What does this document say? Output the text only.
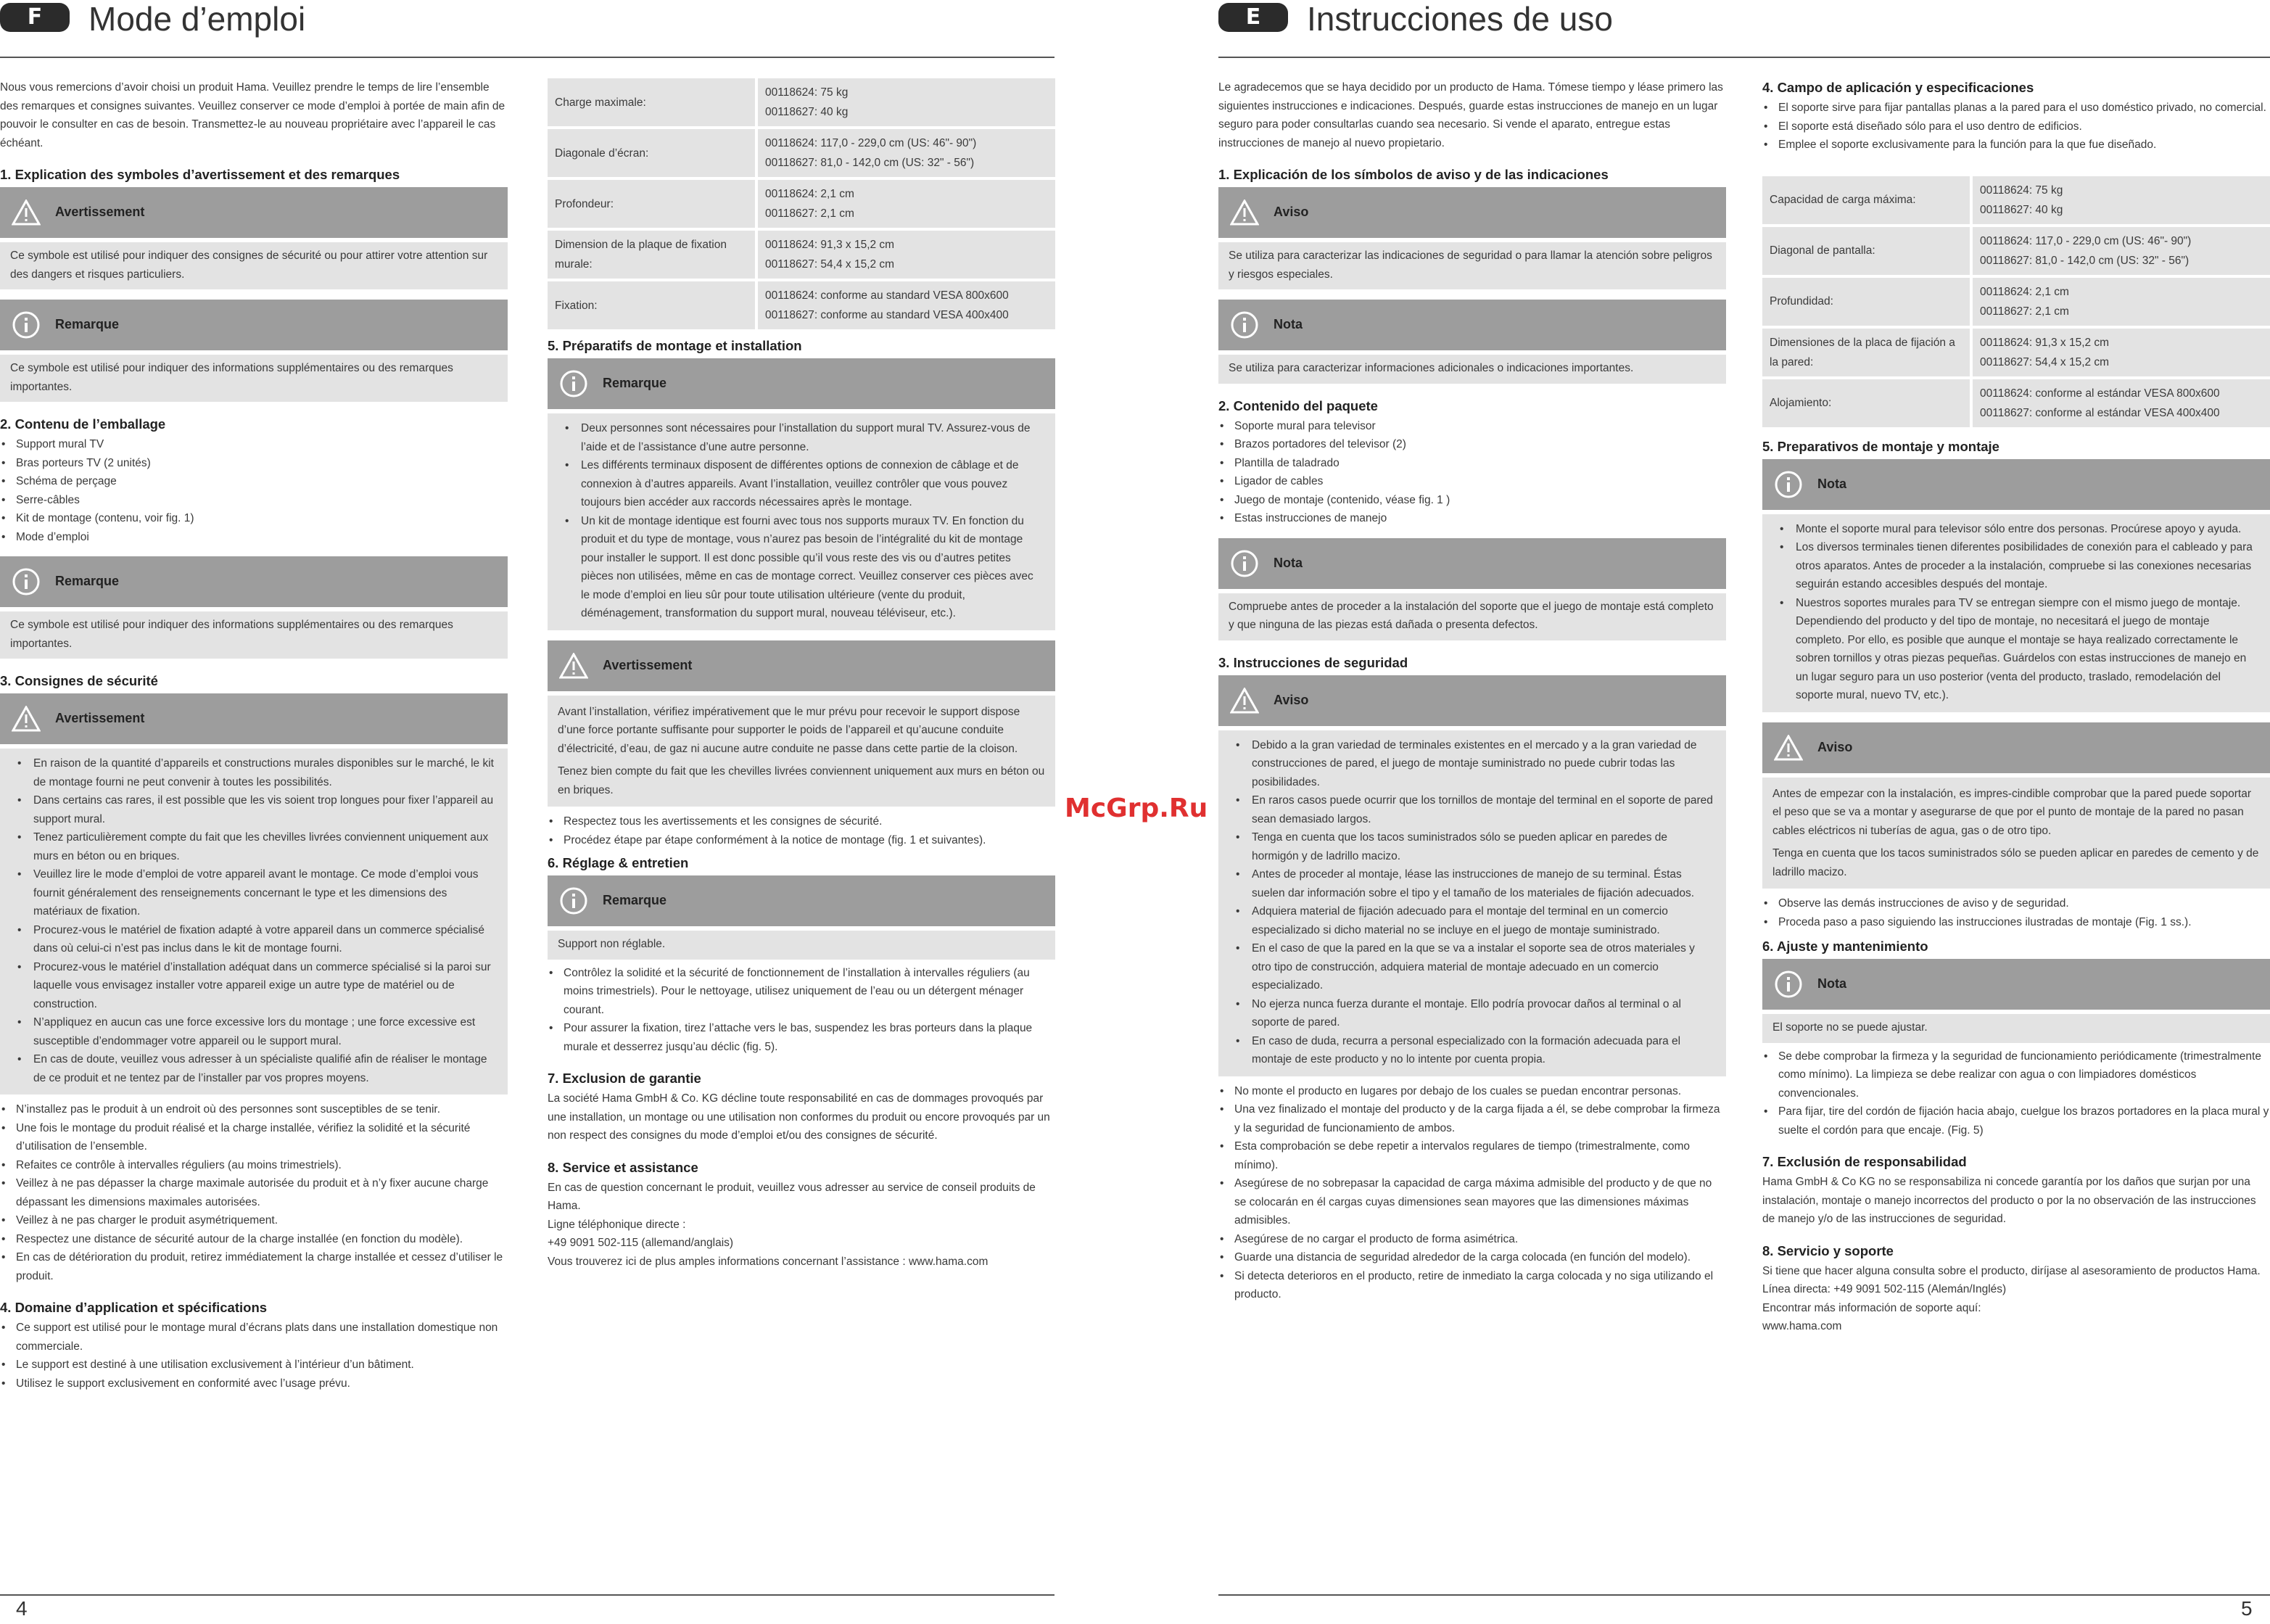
F	Mode d’emploi

Nous vous remercions d’avoir choisi un produit Hama. Veuillez prendre le temps de lire l’ensemble des remarques et consignes suivantes. Veuillez conserver ce mode d’emploi à portée de main afin de pouvoir le consulter en cas de besoin. Transmettez-le au nouveau propriétaire avec l’appareil le cas échéant.

1. Explication des symboles d’avertissement et des remarques
Avertissement

Ce symbole est utilisé pour indiquer des consignes de sécurité ou pour attirer votre attention sur des dangers et risques particuliers.

Remarque

Ce symbole est utilisé pour indiquer des informations supplémentaires ou des remarques importantes.

2. Contenu de l’emballage
• Support mural TV
• Bras porteurs TV (2 unités)
• Schéma de perçage
• Serre-câbles
• Kit de montage (contenu, voir fig. 1)
• Mode d’emploi
Remarque

Ce symbole est utilisé pour indiquer des informations supplémentaires ou des remarques importantes.

3. Consignes de sécurité
Avertissement
• En raison de la quantité d’appareils et constructions murales disponibles sur le marché, le kit de montage fourni ne peut convenir à toutes les possibilités.
• Dans certains cas rares, il est possible que les vis soient trop longues pour fixer l’appareil au support mural.
• Tenez particulièrement compte du fait que les chevilles livrées conviennent uniquement aux murs en béton ou en briques.
• Veuillez lire le mode d’emploi de votre appareil avant le montage. Ce mode d’emploi vous fournit généralement des renseignements concernant le type et les dimensions des matériaux de fixation.
• Procurez-vous le matériel de fixation adapté à votre appareil dans un commerce spécialisé dans où celui-ci n’est pas inclus dans le kit de montage fourni.
• Procurez-vous le matériel d’installation adéquat dans un commerce spécialisé si la paroi sur laquelle vous envisagez installer votre appareil exige un autre type de matériel ou de construction.
• N’appliquez en aucun cas une force excessive lors du montage ; une force excessive est susceptible d’endommager votre appareil ou le support mural.
• En cas de doute, veuillez vous adresser à un spécialiste qualifié afin de réaliser le montage de ce produit et ne tentez par de l’installer par vos propres moyens.
• N’installez pas le produit à un endroit où des personnes sont susceptibles de se tenir.
• Une fois le montage du produit réalisé et la charge installée, vérifiez la solidité et la sécurité d’utilisation de l’ensemble.
• Refaites ce contrôle à intervalles réguliers (au moins trimestriels).
• Veillez à ne pas dépasser la charge maximale autorisée du produit et à n’y fixer aucune charge dépassant les dimensions maximales autorisées.
• Veillez à ne pas charger le produit asymétriquement.
• Respectez une distance de sécurité autour de la charge installée (en fonction du modèle).
• En cas de détérioration du produit, retirez immédiatement la charge installée et cessez d’utiliser le produit.
4. Domaine d’application et spécifications
• Ce support est utilisé pour le montage mural d’écrans plats dans une installation domestique non commerciale.
• Le support est destiné à une utilisation exclusivement à l’intérieur d’un bâtiment.
• Utilisez le support exclusivement en conformité avec l’usage prévu.
Charge maximale:	00118624: 75 kg
00118627: 40 kg

Diagonale d’écran:	00118624: 117,0 - 229,0 cm (US: 46"- 90")
00118627: 81,0 - 142,0 cm (US: 32" - 56")

Profondeur:	00118624: 2,1 cm
00118627: 2,1 cm

Dimension de la plaque de fixation murale:	00118624: 91,3 x 15,2 cm
00118627: 54,4 x 15,2 cm

Fixation:	00118624: conforme au standard VESA 800x600
00118627: conforme au standard VESA 400x400
5. Préparatifs de montage et installation
Remarque
• Deux personnes sont nécessaires pour l’installation du support mural TV. Assurez-vous de l’aide et de l’assistance d’une autre personne.
• Les différents terminaux disposent de différentes options de connexion de câblage et de connexion à d’autres appareils. Avant l’installation, veuillez contrôler que vous pouvez toujours bien accéder aux raccords nécessaires après le montage.
• Un kit de montage identique est fourni avec tous nos supports muraux TV. En fonction du produit et du type de montage, vous n’aurez pas besoin de l’intégralité du kit de montage pour installer le support. Il est donc possible qu’il vous reste des vis ou d’autres petites pièces non utilisées, même en cas de montage correct. Veuillez conserver ces pièces avec le mode d’emploi en lieu sûr pour toute utilisation ultérieure (vente du produit, déménagement, transformation du support mural, nouveau téléviseur, etc.).
Avertissement

Avant l’installation, vérifiez impérativement que le mur prévu pour recevoir le support dispose d’une force portante suffisante pour supporter le poids de l’appareil et qu’aucune conduite d’électricité, d’eau, de gaz ni aucune autre conduite ne passe dans cette partie de la cloison.

Tenez bien compte du fait que les chevilles livrées conviennent uniquement aux murs en béton ou en briques.

• Respectez tous les avertissements et les consignes de sécurité.
• Procédez étape par étape conformément à la notice de montage (fig. 1 et suivantes).
6. Réglage & entretien
Remarque

Support non réglable.

• Contrôlez la solidité et la sécurité de fonctionnement de l’installation à intervalles réguliers (au moins trimestriels). Pour le nettoyage, utilisez uniquement de l’eau ou un détergent ménager courant.
• Pour assurer la fixation, tirez l’attache vers le bas, suspendez les bras porteurs dans la plaque murale et desserrez jusqu’au déclic (fig. 5).
7. Exclusion de garantie

La société Hama GmbH & Co. KG décline toute responsabilité en cas de dommages provoqués par une installation, un montage ou une utilisation non conformes du produit ou encore provoqués par un non respect des consignes du mode d’emploi et/ou des consignes de sécurité.

8. Service et assistance

En cas de question concernant le produit, veuillez vous adresser au service de conseil produits de Hama.

Ligne téléphonique directe :

+49 9091 502-115 (allemand/anglais)

Vous trouverez ici de plus amples informations concernant l’assistance : www.hama.com

4
McGrp.Ru
E	Instrucciones de uso

Le agradecemos que se haya decidido por un producto de Hama. Tómese tiempo y léase primero las siguientes instrucciones e indicaciones. Después, guarde estas instrucciones de manejo en un lugar seguro para poder consultarlas cuando sea necesario. Si vende el aparato, entregue estas instrucciones de manejo al nuevo propietario.

1. Explicación de los símbolos de aviso y de las indicaciones
Aviso

Se utiliza para caracterizar las indicaciones de seguridad o para llamar la atención sobre peligros y riesgos especiales.

Nota

Se utiliza para caracterizar informaciones adicionales o indicaciones importantes.

2. Contenido del paquete
• Soporte mural para televisor
• Brazos portadores del televisor (2)
• Plantilla de taladrado
• Ligador de cables
• Juego de montaje (contenido, véase fig. 1 )
• Estas instrucciones de manejo
Nota

Compruebe antes de proceder a la instalación del soporte que el juego de montaje está completo y que ninguna de las piezas está dañada o presenta defectos.

3. Instrucciones de seguridad
Aviso
• Debido a la gran variedad de terminales existentes en el mercado y a la gran variedad de construcciones de pared, el juego de montaje suministrado no puede cubrir todas las posibilidades.
• En raros casos puede ocurrir que los tornillos de montaje del terminal en el soporte de pared sean demasiado largos.
• Tenga en cuenta que los tacos suministrados sólo se pueden aplicar en paredes de hormigón y de ladrillo macizo.
• Antes de proceder al montaje, léase las instrucciones de manejo de su terminal. Éstas suelen dar información sobre el tipo y el tamaño de los materiales de fijación adecuados.
• Adquiera material de fijación adecuado para el montaje del terminal en un comercio especializado si dicho material no se incluye en el juego de montaje suministrado.
• En el caso de que la pared en la que se va a instalar el soporte sea de otros materiales y otro tipo de construcción, adquiera material de montaje adecuado en un comercio especializado.
• No ejerza nunca fuerza durante el montaje. Ello podría provocar daños al terminal o al soporte de pared.
• En caso de duda, recurra a personal especializado con la formación adecuada para el montaje de este producto y no lo intente por cuenta propia.
• No monte el producto en lugares por debajo de los cuales se puedan encontrar personas.
• Una vez finalizado el montaje del producto y de la carga fijada a él, se debe comprobar la firmeza y la seguridad de funcionamiento de ambos.
• Esta comprobación se debe repetir a intervalos regulares de tiempo (trimestralmente, como mínimo).
• Asegúrese de no sobrepasar la capacidad de carga máxima admisible del producto y de que no se colocarán en él cargas cuyas dimensiones sean mayores que las dimensiones máximas admisibles.
• Asegúrese de no cargar el producto de forma asimétrica.
• Guarde una distancia de seguridad alrededor de la carga colocada (en función del modelo).
• Si detecta deterioros en el producto, retire de inmediato la carga colocada y no siga utilizando el producto.
4. Campo de aplicación y especificaciones
• El soporte sirve para fijar pantallas planas a la pared para el uso doméstico privado, no comercial.
• El soporte está diseñado sólo para el uso dentro de edificios.
• Emplee el soporte exclusivamente para la función para la que fue diseñado.
Capacidad de carga máxima:	00118624: 75 kg
00118627: 40 kg

Diagonal de pantalla:	00118624: 117,0 - 229,0 cm (US: 46"- 90")
00118627: 81,0 - 142,0 cm (US: 32" - 56")

Profundidad:	00118624: 2,1 cm
00118627: 2,1 cm

Dimensiones de la placa de fijación a la pared:	00118624: 91,3 x 15,2 cm
00118627: 54,4 x 15,2 cm

Alojamiento:	00118624: conforme al estándar VESA 800x600
00118627: conforme al estándar VESA 400x400
5. Preparativos de montaje y montaje
Nota
• Monte el soporte mural para televisor sólo entre dos personas. Procúrese apoyo y ayuda.
• Los diversos terminales tienen diferentes posibilidades de conexión para el cableado y para otros aparatos. Antes de proceder a la instalación, compruebe si las conexiones necesarias seguirán estando accesibles después del montaje.
• Nuestros soportes murales para TV se entregan siempre con el mismo juego de montaje. Dependiendo del producto y del tipo de montaje, no necesitará el juego de montaje completo. Por ello, es posible que aunque el montaje se haya realizado correctamente le sobren tornillos y otras piezas pequeñas. Guárdelos con estas instrucciones de manejo en un lugar seguro para un uso posterior (venta del producto, traslado, remodelación del soporte mural, nuevo TV, etc.).
Aviso

Antes de empezar con la instalación, es impres-cindible comprobar que la pared puede soportar el peso que se va a montar y asegurarse de que por el punto de montaje de la pared no pasan cables eléctricos ni tuberías de agua, gas o de otro tipo.

Tenga en cuenta que los tacos suministrados sólo se pueden aplicar en paredes de cemento y de ladrillo macizo.

• Observe las demás instrucciones de aviso y de seguridad.
• Proceda paso a paso siguiendo las instrucciones ilustradas de montaje (Fig. 1 ss.).
6. Ajuste y mantenimiento
Nota

El soporte no se puede ajustar.

• Se debe comprobar la firmeza y la seguridad de funcionamiento periódicamente (trimestralmente como mínimo). La limpieza se debe realizar con agua o con limpiadores domésticos convencionales.
• Para fijar, tire del cordón de fijación hacia abajo, cuelgue los brazos portadores en la placa mural y suelte el cordón para que encaje. (Fig. 5)
7. Exclusión de responsabilidad

Hama GmbH & Co KG no se responsabiliza ni concede garantía por los daños que surjan por una instalación, montaje o manejo incorrectos del producto o por la no observación de las instrucciones de manejo y/o de las instrucciones de seguridad.

8. Servicio y soporte

Si tiene que hacer alguna consulta sobre el producto, diríjase al asesoramiento de productos Hama.

Línea directa: +49 9091 502-115 (Alemán/Inglés)

Encontrar más información de soporte aquí:

www.hama.com

5
